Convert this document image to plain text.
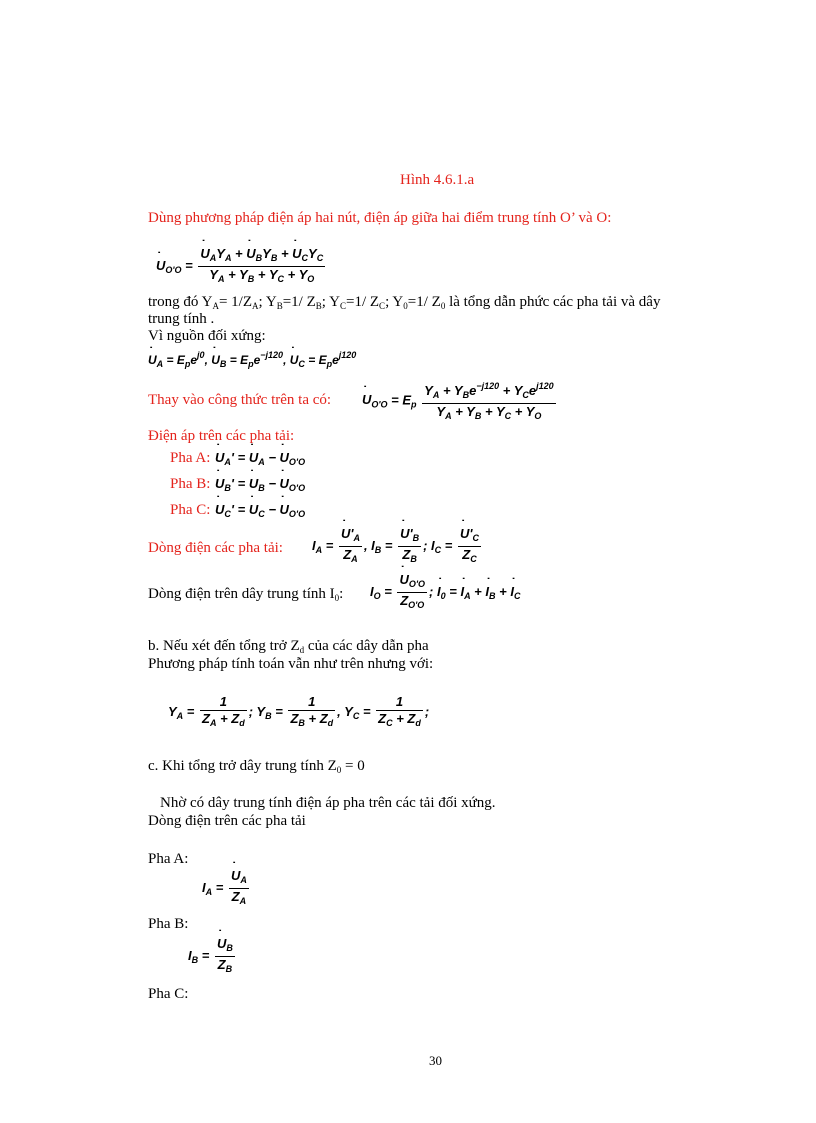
Hình 4.6.1.a
Dùng phương pháp điện áp hai nút, điện áp giữa hai điểm trung tính O’ và O:
˙ $U_{O'O}$ = ˙ $\frac{U_AY_A + ˙ U_BY_B + ˙ U_CY_C}{Y_A + Y_B + Y_C + Y_O}$
trong đó $Y_A= 1/Z_A$; $Y_B=1/$ $Z_B$; $Y_C=1/$ $Z_C$; $Y_0=1/$ $Z_0$ là tổng dẫn phức các pha tải và dây
trung tính .
Vì nguồn đối xứng:
˙ $U_A = E_pe^{j0}$, ˙ $U_B = E_pe^{-j120}$, ˙ $U_C = E_pe^{j120}$
Thay vào công thức trên ta có: ˙ $U_{O'O} = E_p \frac{Y_A + Y_Be^{-j120} + Y_Ce^{j120}}{Y_A + Y_B + Y_C + Y_O}$
Điện áp trên các pha tải:
Pha A: ˙ $U_A'$ = ˙ $U_A$ − ˙ $U_{O'O}$
Pha B: ˙ $U_B'$ = ˙ $U_B$ − ˙ $U_{O'O}$
Pha C: ˙ $U_C'$ = ˙ $U_C$ − ˙ $U_{O'O}$
Dòng điện các pha tải: $I_A$ = ˙ $\frac{U'_A}{Z_A}$ , $I_B$ = ˙ $\frac{U'_B}{Z_B}$ ; $I_C$ = ˙ $\frac{U'_C}{Z_C}$
Dòng điện trên dây trung tính $I_0$: $I_O$ = ˙ $\frac{U_{O'O}}{Z_{O'O}}$ ; ˙ $I_0$ = ˙ $I_A$ + ˙ $I_B$ + ˙ $I_C$
b. Nếu xét đến tổng trở $Z_d$ của các dây dẫn pha
Phương pháp tính toán vẫn như trên nhưng với:
$Y_A = \frac{1}{Z_A + Z_d}$ ; $Y_B = \frac{1}{Z_B + Z_d}$ , $Y_C = \frac{1}{Z_C + Z_d}$ ;
c. Khi tổng trở dây trung tính $Z_0 = 0$
Nhờ có dây trung tính điện áp pha trên các tải đối xứng.
Dòng điện trên các pha tải
Pha A:
$I_A$ = ˙ $\frac{U_A}{Z_A}$
Pha B:
$I_B$ = ˙ $\frac{U_B}{Z_B}$
Pha C:
30
